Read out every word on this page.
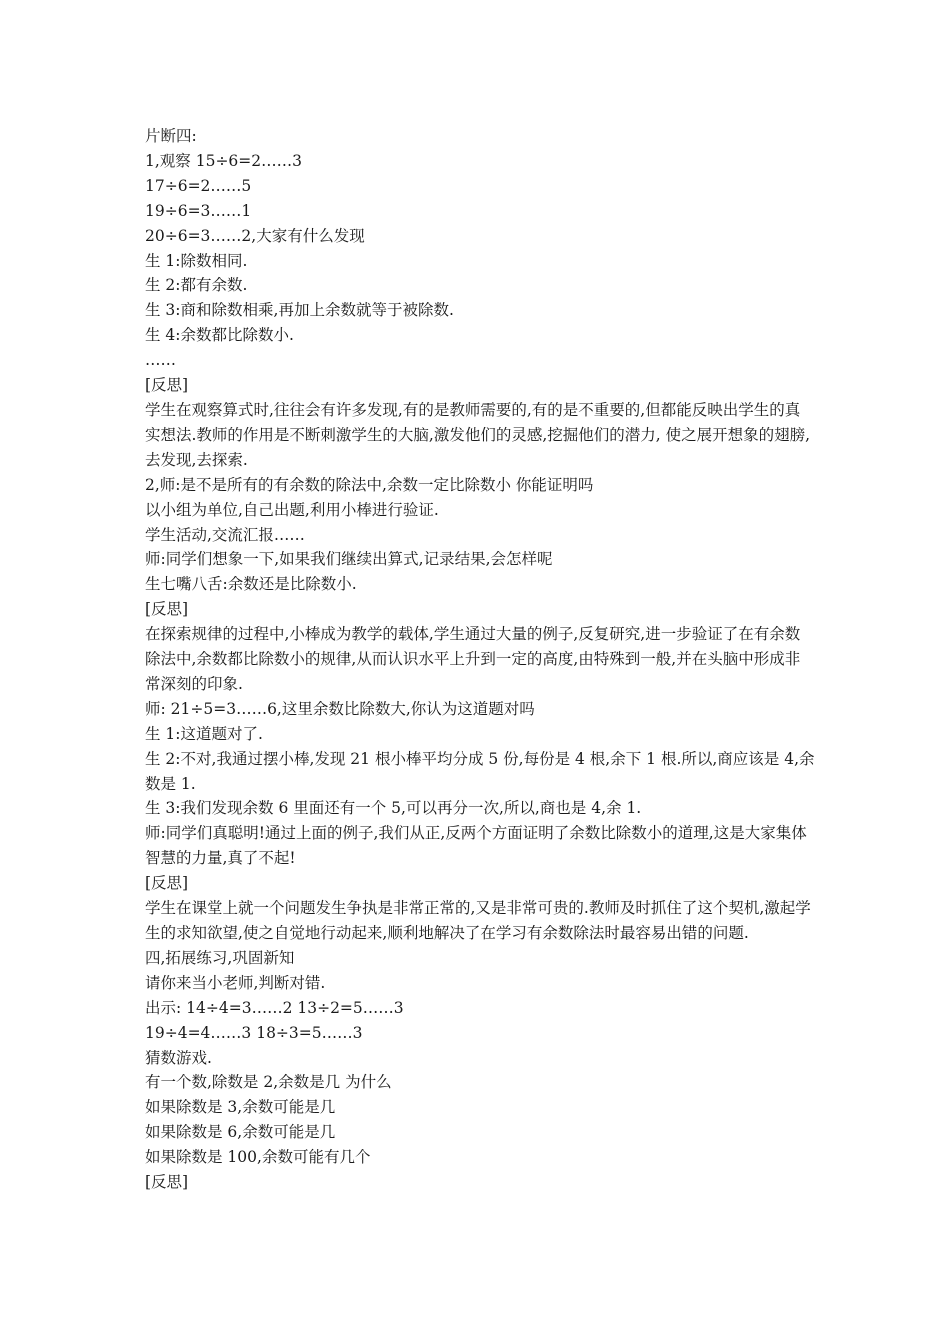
片断四:
1,观察 15÷6=2……3
17÷6=2……5
19÷6=3……1
20÷6=3……2,大家有什么发现
生 1:除数相同.
生 2:都有余数.
生 3:商和除数相乘,再加上余数就等于被除数.
生 4:余数都比除数小.
……
[反思]
学生在观察算式时,往往会有许多发现,有的是教师需要的,有的是不重要的,但都能反映出学生的真实想法.教师的作用是不断刺激学生的大脑,激发他们的灵感,挖掘他们的潜力, 使之展开想象的翅膀,去发现,去探索.
2,师:是不是所有的有余数的除法中,余数一定比除数小 你能证明吗
以小组为单位,自己出题,利用小棒进行验证.
学生活动,交流汇报……
师:同学们想象一下,如果我们继续出算式,记录结果,会怎样呢
生七嘴八舌:余数还是比除数小.
[反思]
在探索规律的过程中,小棒成为教学的载体,学生通过大量的例子,反复研究,进一步验证了在有余数除法中,余数都比除数小的规律,从而认识水平上升到一定的高度,由特殊到一般,并在头脑中形成非常深刻的印象.
师: 21÷5=3……6,这里余数比除数大,你认为这道题对吗
生 1:这道题对了.
生 2:不对,我通过摆小棒,发现 21 根小棒平均分成 5 份,每份是 4 根,余下 1 根.所以,商应该是 4,余数是 1.
生 3:我们发现余数 6 里面还有一个 5,可以再分一次,所以,商也是 4,余 1.
师:同学们真聪明!通过上面的例子,我们从正,反两个方面证明了余数比除数小的道理,这是大家集体智慧的力量,真了不起!
[反思]
学生在课堂上就一个问题发生争执是非常正常的,又是非常可贵的.教师及时抓住了这个契机,激起学生的求知欲望,使之自觉地行动起来,顺利地解决了在学习有余数除法时最容易出错的问题.
四,拓展练习,巩固新知
请你来当小老师,判断对错.
出示: 14÷4=3……2 13÷2=5……3
19÷4=4……3 18÷3=5……3
猜数游戏.
有一个数,除数是 2,余数是几 为什么
如果除数是 3,余数可能是几
如果除数是 6,余数可能是几
如果除数是 100,余数可能有几个
[反思]
